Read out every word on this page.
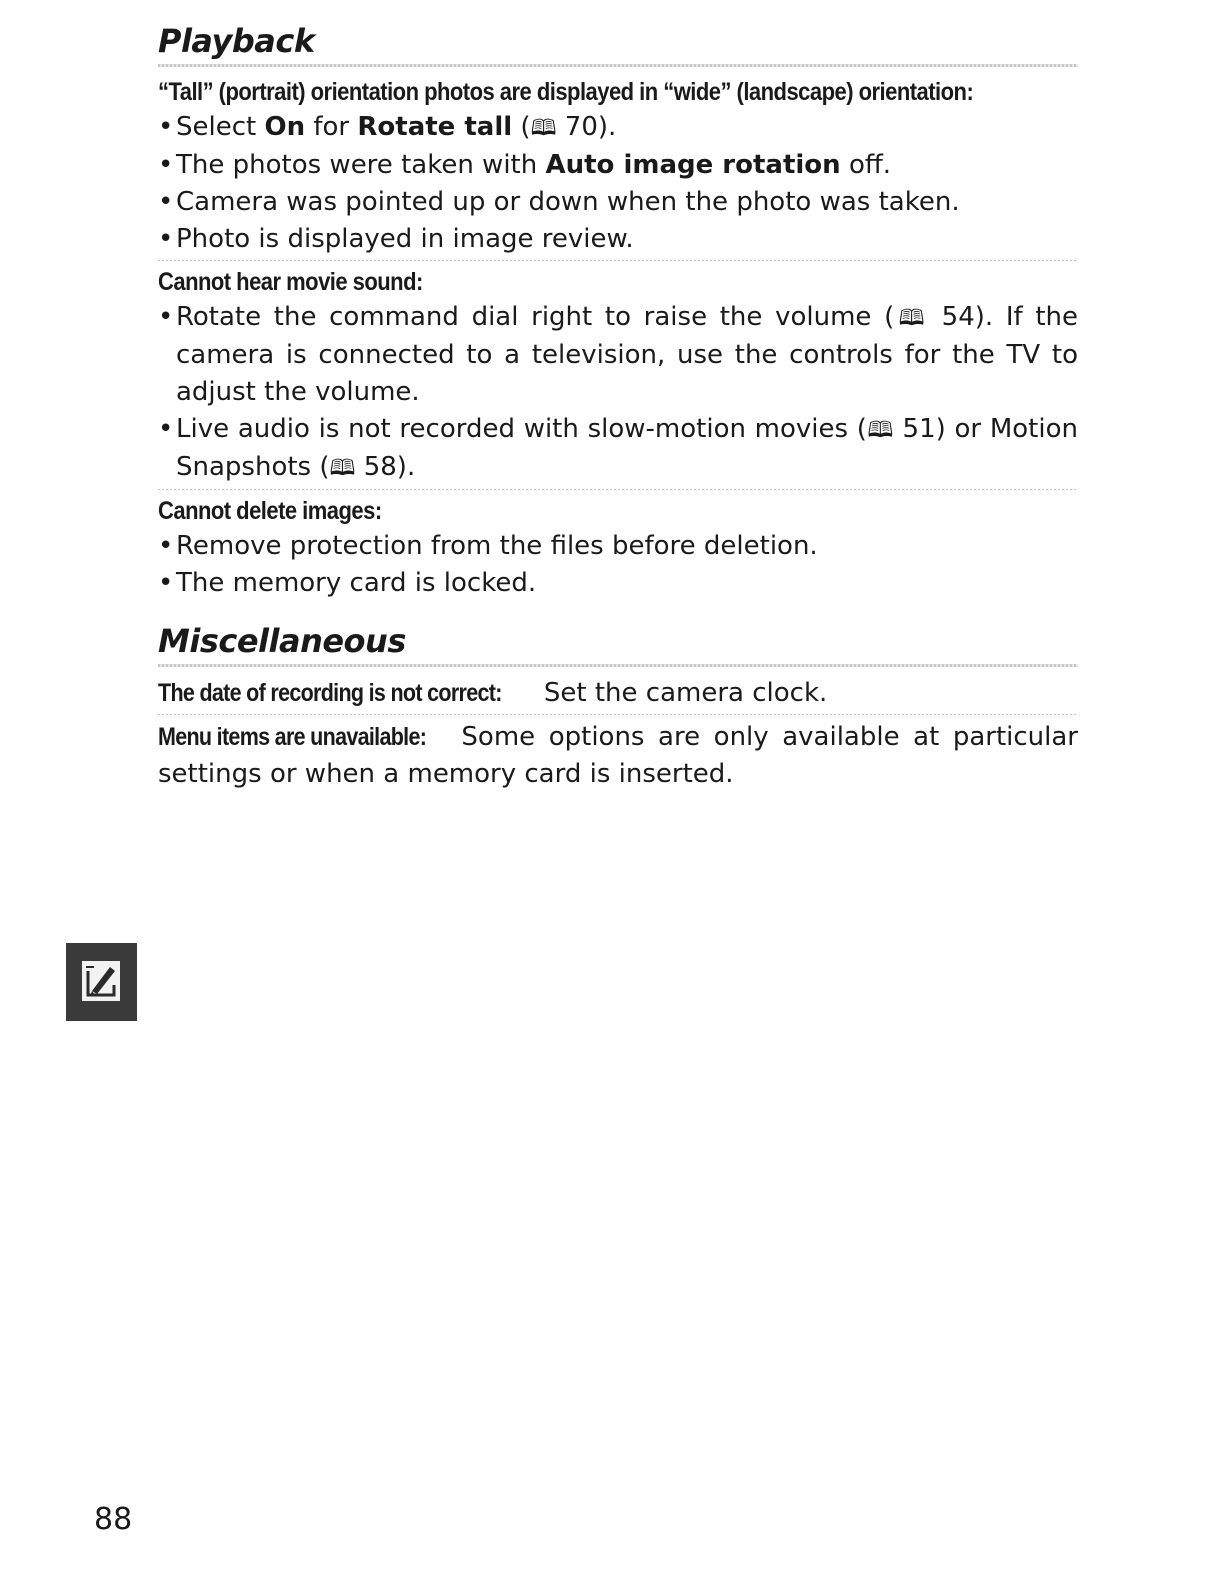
Playback

“Tall” (portrait) orientation photos are displayed in “wide” (landscape) orientation:

• Select On for Rotate tall (🕮 70).
• The photos were taken with Auto image rotation off.
• Camera was pointed up or down when the photo was taken.
• Photo is displayed in image review.

Cannot hear movie sound:

• Rotate the command dial right to raise the volume (🕮 54). If the camera is connected to a television, use the controls for the TV to adjust the volume.
• Live audio is not recorded with slow-motion movies (🕮 51) or Motion Snapshots (🕮 58).

Cannot delete images:

• Remove protection from the files before deletion.
• The memory card is locked.
Miscellaneous

The date of recording is not correct: Set the camera clock.

Menu items are unavailable: Some options are only available at particular settings or when a memory card is inserted.

88
